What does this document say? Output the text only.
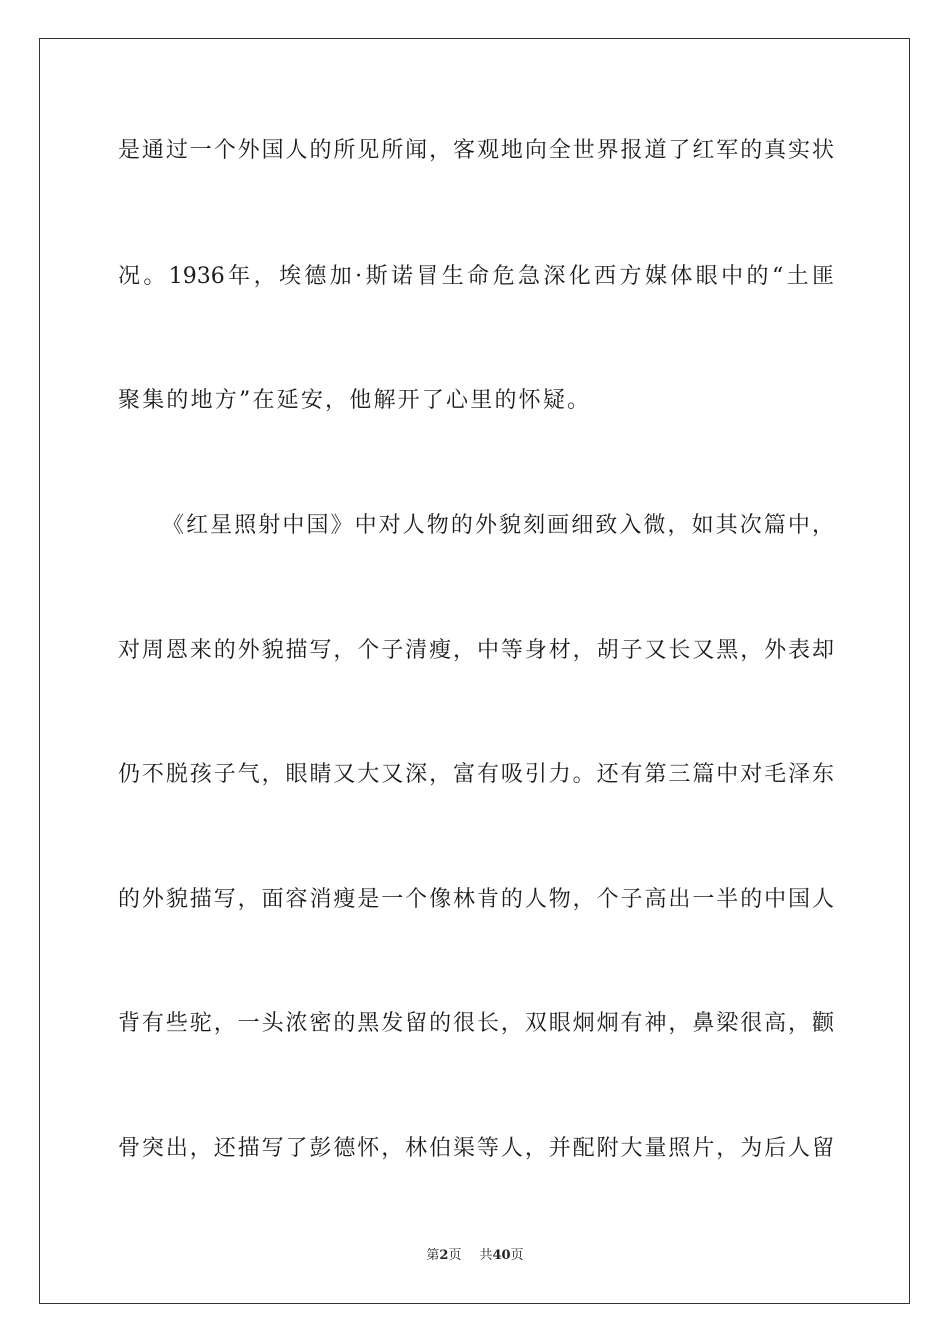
是通过一个外国人的所见所闻，客观地向全世界报道了红军的真实状
况。1936年，埃德加·斯诺冒生命危急深化西方媒体眼中的“土匪
聚集的地方”在延安，他解开了心里的怀疑。
《红星照射中国》中对人物的外貌刻画细致入微，如其次篇中，
对周恩来的外貌描写，个子清瘦，中等身材，胡子又长又黑，外表却
仍不脱孩子气，眼睛又大又深，富有吸引力。还有第三篇中对毛泽东
的外貌描写，面容消瘦是一个像林肯的人物，个子高出一半的中国人
背有些驼，一头浓密的黑发留的很长，双眼炯炯有神，鼻梁很高，颧
骨突出，还描写了彭德怀，林伯渠等人，并配附大量照片，为后人留
第2页 共40页
